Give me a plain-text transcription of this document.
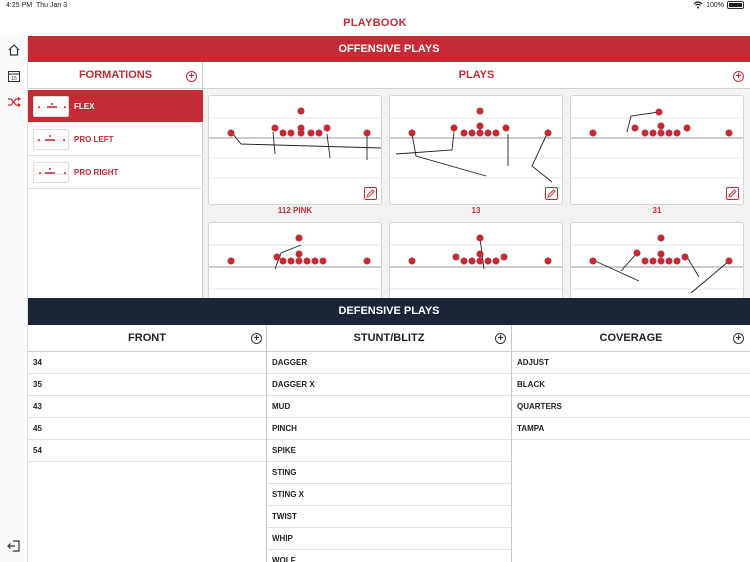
4:25 PM Thu Jan 3	100%
PLAYBOOK
15
OFFENSIVE PLAYS
FORMATIONS	+
FLEX
PRO LEFT
PRO RIGHT
PLAYS	+
112 PINK	13	31
DEFENSIVE PLAYS
FRONT	+
34
35
43
45
54
STUNT/BLITZ	+
DAGGER
DAGGER X
MUD
PINCH
SPIKE
STING
STING X
TWIST
WHIP
WOLF
COVERAGE	+
ADJUST
BLACK
QUARTERS
TAMPA
